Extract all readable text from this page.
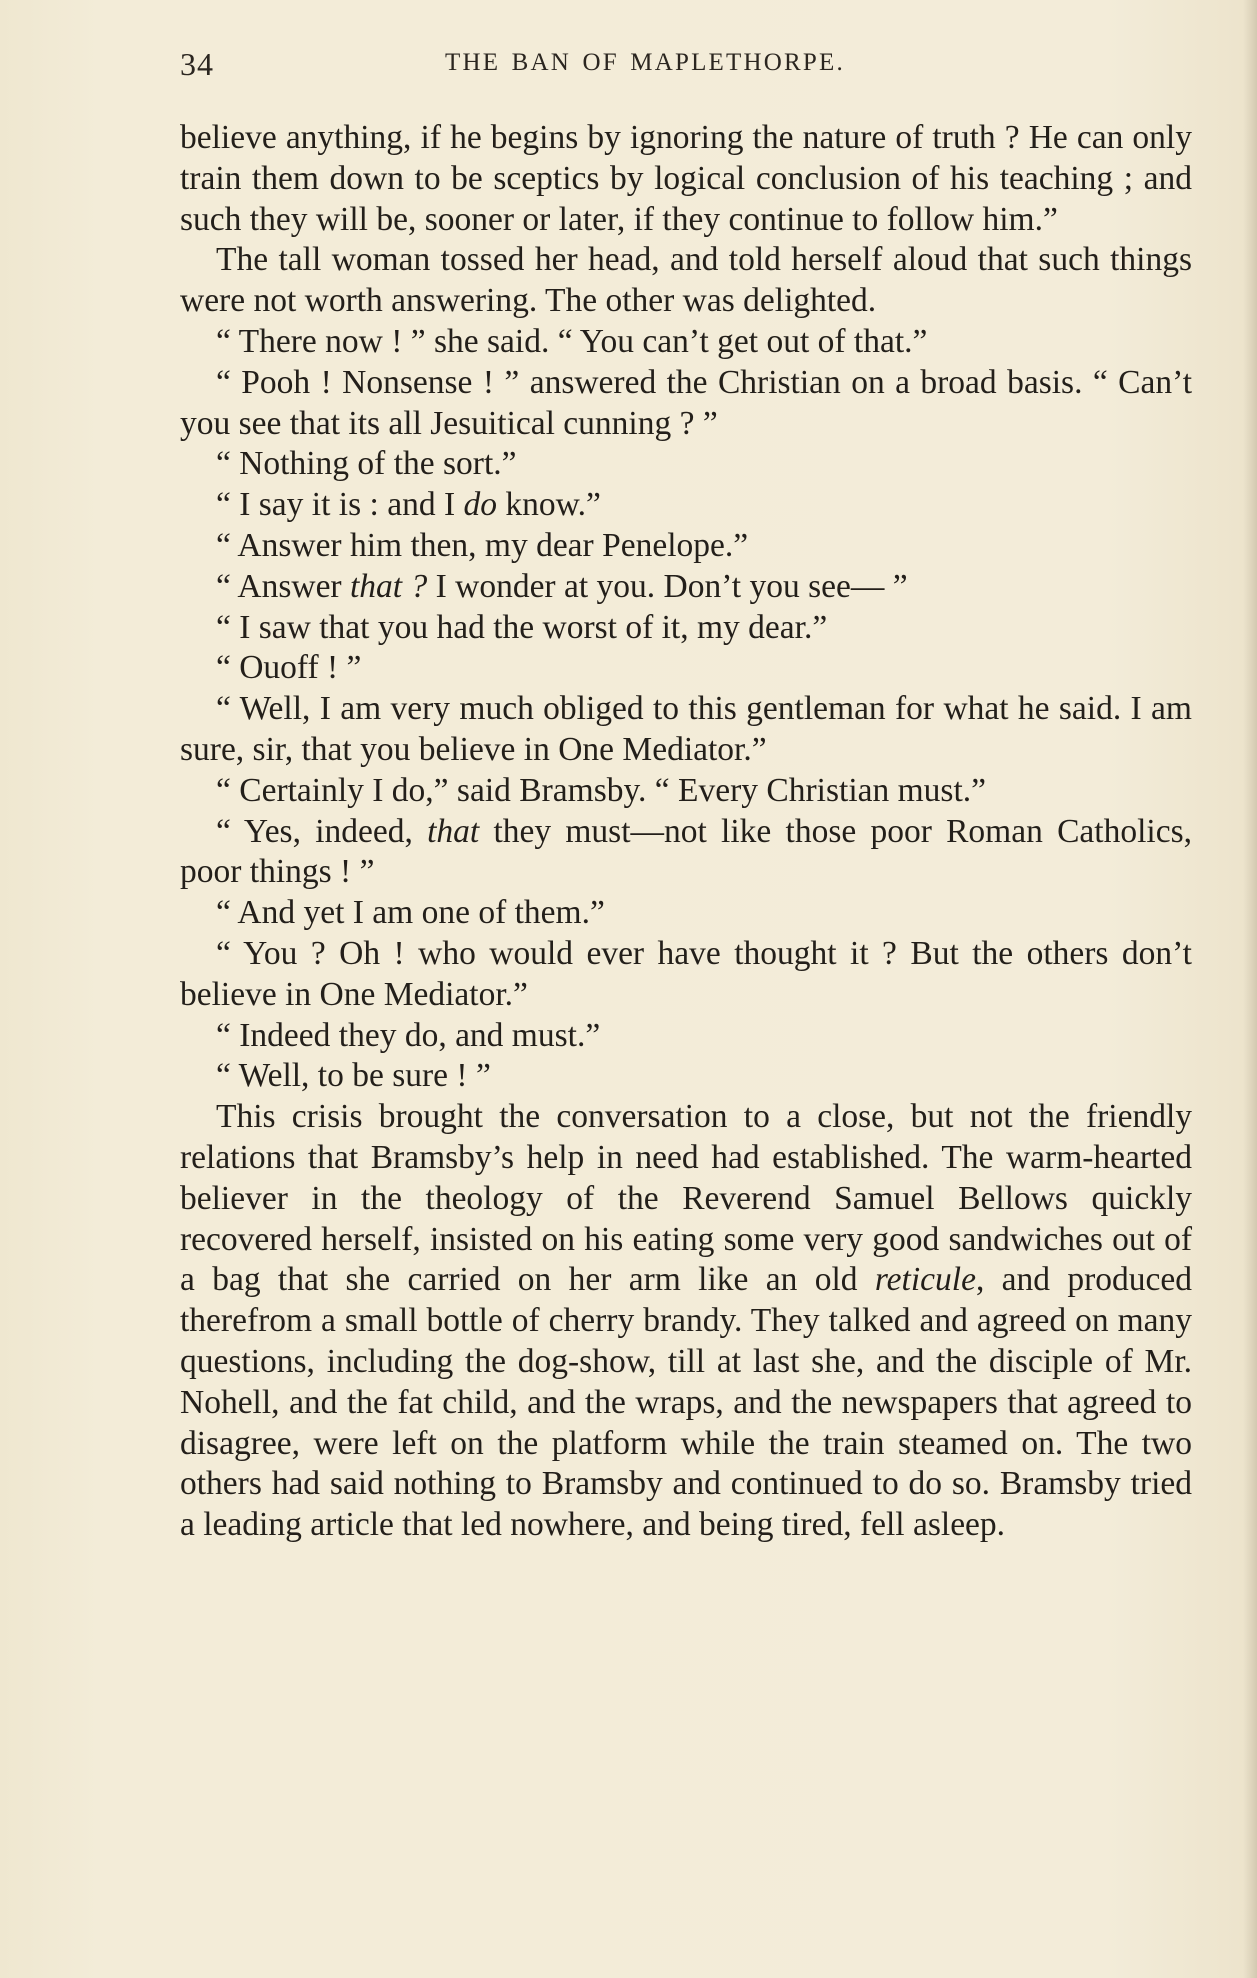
34	THE BAN OF MAPLETHORPE.

believe anything, if he begins by ignoring the nature of truth ? He can only train them down to be sceptics by logical conclusion of his teaching ; and such they will be, sooner or later, if they continue to follow him.”

The tall woman tossed her head, and told herself aloud that such things were not worth answering. The other was delighted.

“ There now ! ” she said. “ You can’t get out of that.”

“ Pooh ! Nonsense ! ” answered the Christian on a broad basis. “ Can’t you see that its all Jesuitical cunning ? ”

“ Nothing of the sort.”

“ I say it is : and I do know.”

“ Answer him then, my dear Penelope.”

“ Answer that ? I wonder at you. Don’t you see— ”

“ I saw that you had the worst of it, my dear.”

“ Ouoff ! ”

“ Well, I am very much obliged to this gentleman for what he said. I am sure, sir, that you believe in One Mediator.”

“ Certainly I do,” said Bramsby. “ Every Christian must.”

“ Yes, indeed, that they must—not like those poor Roman Catholics, poor things ! ”

“ And yet I am one of them.”

“ You ? Oh ! who would ever have thought it ? But the others don’t believe in One Mediator.”

“ Indeed they do, and must.”

“ Well, to be sure ! ”

This crisis brought the conversation to a close, but not the friendly relations that Bramsby’s help in need had established. The warm-hearted believer in the theology of the Reverend Samuel Bellows quickly recovered herself, insisted on his eating some very good sandwiches out of a bag that she carried on her arm like an old reticule, and produced therefrom a small bottle of cherry brandy. They talked and agreed on many questions, including the dog-show, till at last she, and the disciple of Mr. Nohell, and the fat child, and the wraps, and the newspapers that agreed to disagree, were left on the platform while the train steamed on. The two others had said nothing to Bramsby and continued to do so. Bramsby tried a leading article that led nowhere, and being tired, fell asleep.
